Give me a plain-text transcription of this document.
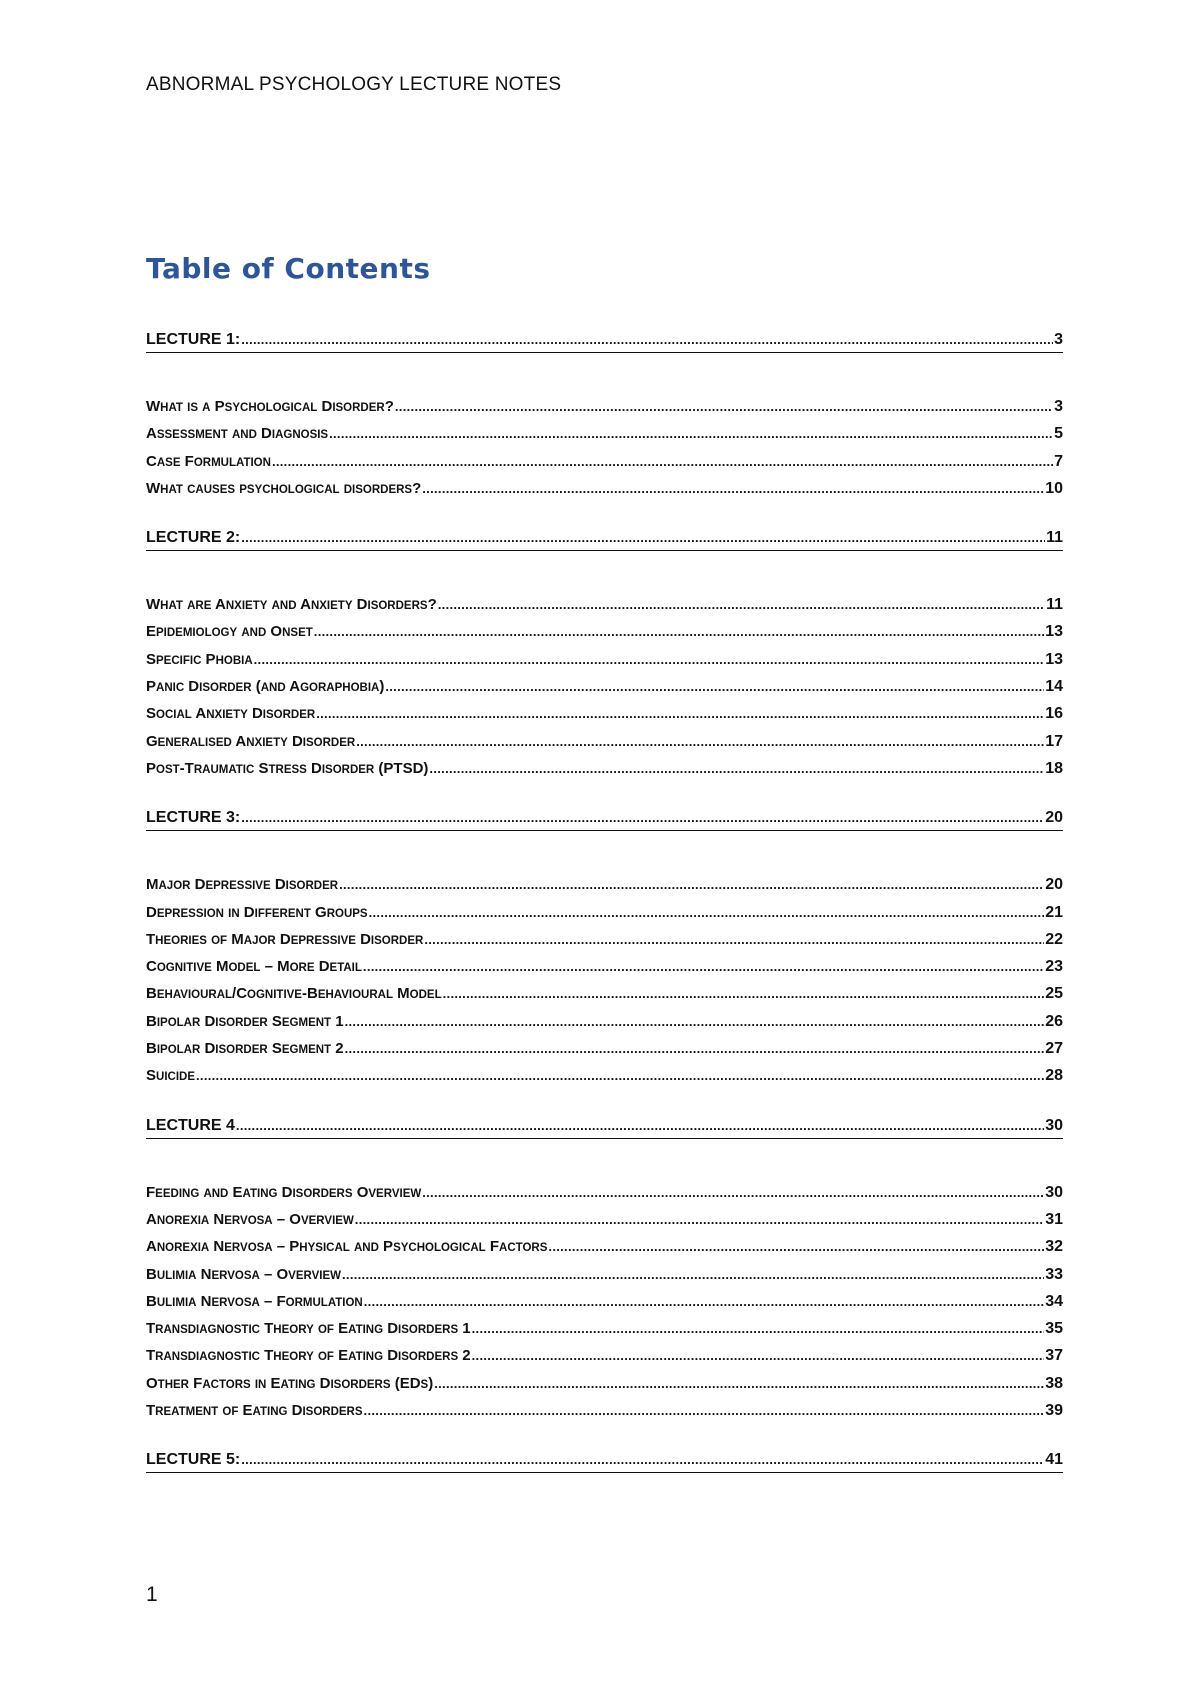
ABNORMAL PSYCHOLOGY LECTURE NOTES
Table of Contents
LECTURE 1: .....	3
WHAT IS A PSYCHOLOGICAL DISORDER? .....	3
ASSESSMENT AND DIAGNOSIS .....	5
CASE FORMULATION .....	7
WHAT CAUSES PSYCHOLOGICAL DISORDERS? .....	10
LECTURE 2: .....	11
WHAT ARE ANXIETY AND ANXIETY DISORDERS? .....	11
EPIDEMIOLOGY AND ONSET .....	13
SPECIFIC PHOBIA .....	13
PANIC DISORDER (AND AGORAPHOBIA) .....	14
SOCIAL ANXIETY DISORDER .....	16
GENERALISED ANXIETY DISORDER .....	17
POST-TRAUMATIC STRESS DISORDER (PTSD) .....	18
LECTURE 3: .....	20
MAJOR DEPRESSIVE DISORDER .....	20
DEPRESSION IN DIFFERENT GROUPS .....	21
THEORIES OF MAJOR DEPRESSIVE DISORDER .....	22
COGNITIVE MODEL – MORE DETAIL .....	23
BEHAVIOURAL/COGNITIVE-BEHAVIOURAL MODEL .....	25
BIPOLAR DISORDER SEGMENT 1 .....	26
BIPOLAR DISORDER SEGMENT 2 .....	27
SUICIDE .....	28
LECTURE 4 .....	30
FEEDING AND EATING DISORDERS OVERVIEW .....	30
ANOREXIA NERVOSA – OVERVIEW .....	31
ANOREXIA NERVOSA – PHYSICAL AND PSYCHOLOGICAL FACTORS .....	32
BULIMIA NERVOSA – OVERVIEW .....	33
BULIMIA NERVOSA – FORMULATION .....	34
TRANSDIAGNOSTIC THEORY OF EATING DISORDERS 1 .....	35
TRANSDIAGNOSTIC THEORY OF EATING DISORDERS 2 .....	37
OTHER FACTORS IN EATING DISORDERS (EDS) .....	38
TREATMENT OF EATING DISORDERS .....	39
LECTURE 5: .....	41
1
